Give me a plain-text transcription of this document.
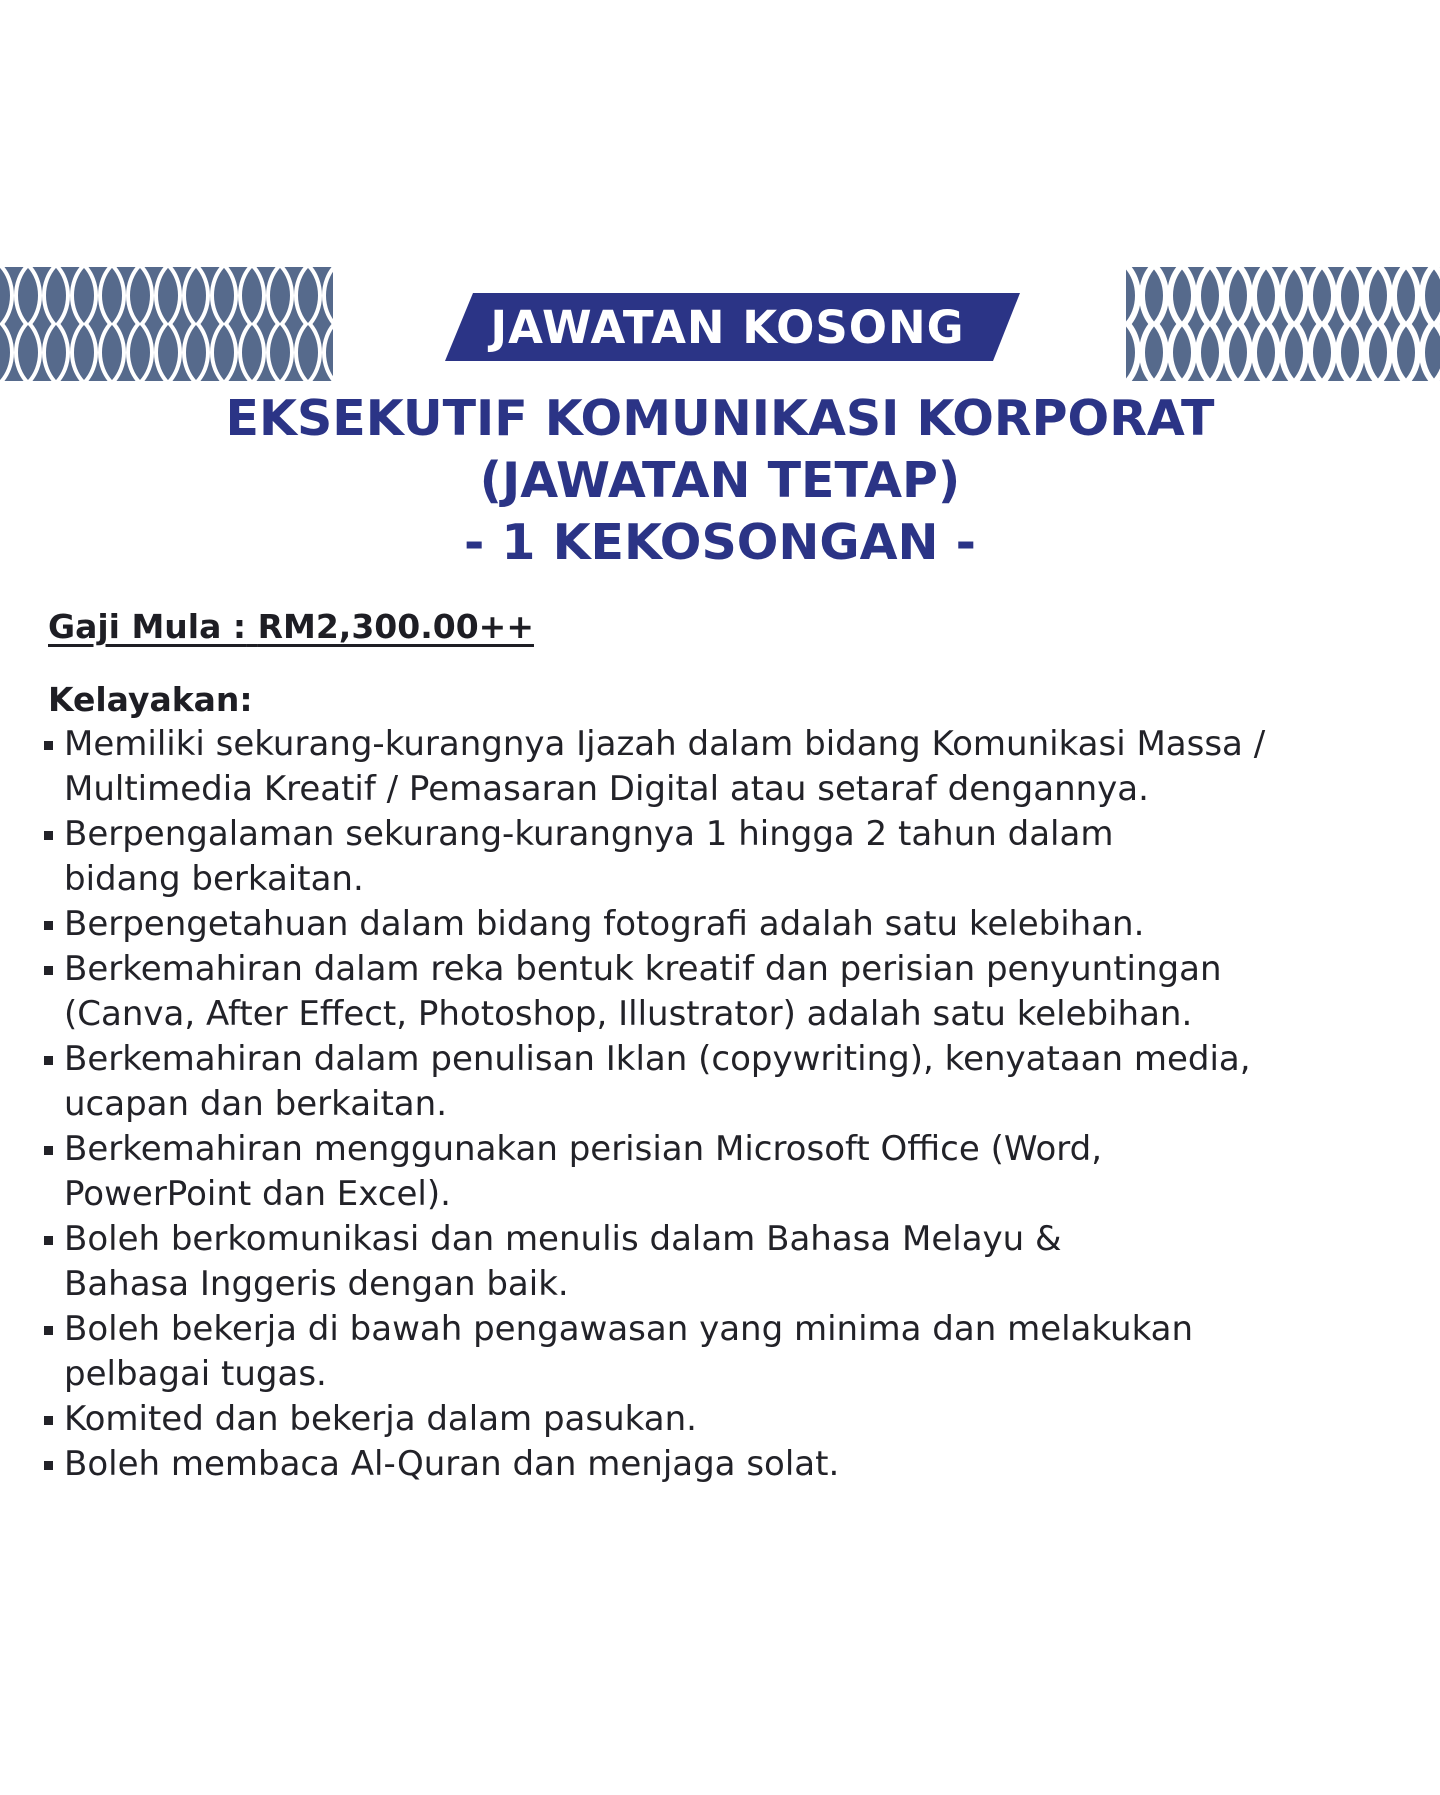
JAWATAN KOSONG
EKSEKUTIF KOMUNIKASI KORPORAT
(JAWATAN TETAP)
- 1 KEKOSONGAN -
Gaji Mula : RM2,300.00++
Kelayakan:
Memiliki sekurang-kurangnya Ijazah dalam bidang Komunikasi Massa /
Multimedia Kreatif / Pemasaran Digital atau setaraf dengannya.
Berpengalaman sekurang-kurangnya 1 hingga 2 tahun dalam
bidang berkaitan.
Berpengetahuan dalam bidang fotografi adalah satu kelebihan.
Berkemahiran dalam reka bentuk kreatif dan perisian penyuntingan
(Canva, After Effect, Photoshop, Illustrator) adalah satu kelebihan.
Berkemahiran dalam penulisan Iklan (copywriting), kenyataan media,
ucapan dan berkaitan.
Berkemahiran menggunakan perisian Microsoft Office (Word,
PowerPoint dan Excel).
Boleh berkomunikasi dan menulis dalam Bahasa Melayu &
Bahasa Inggeris dengan baik.
Boleh bekerja di bawah pengawasan yang minima dan melakukan
pelbagai tugas.
Komited dan bekerja dalam pasukan.
Boleh membaca Al-Quran dan menjaga solat.
